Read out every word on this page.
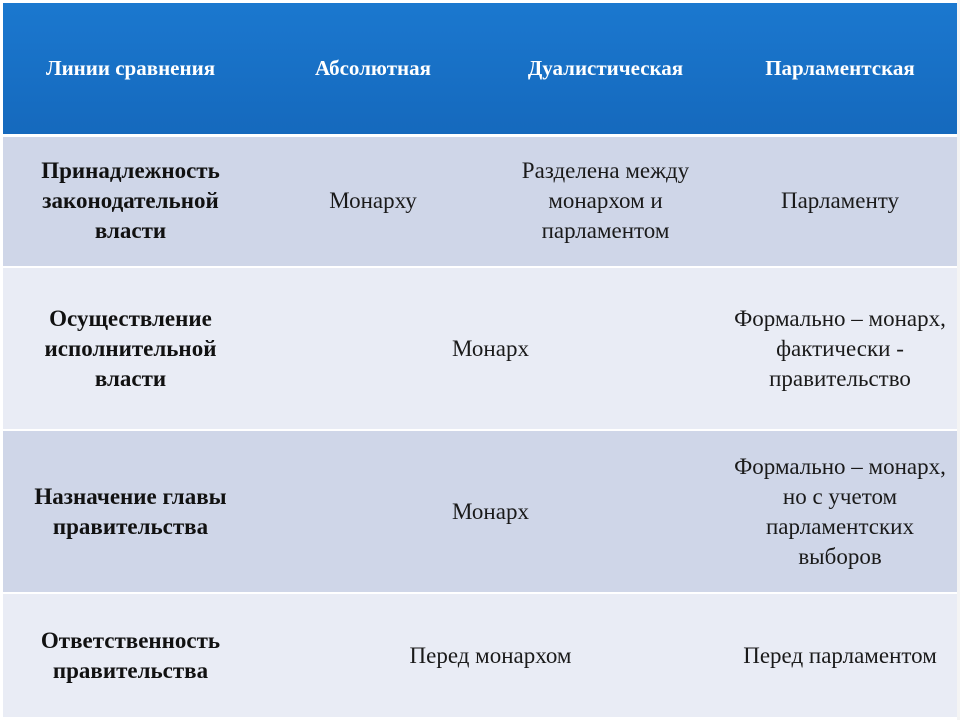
Линии сравнения	Абсолютная	Дуалистическая	Парламентская
Принадлежность законодательной власти	Монарху	Разделена между монархом и парламентом	Парламенту
Осуществление исполнительной власти	Монарх		Формально – монарх, фактически - правительство
Назначение главы правительства	Монарх		Формально – монарх, но с учетом парламентских выборов
Ответственность правительства	Перед монархом		Перед парламентом
